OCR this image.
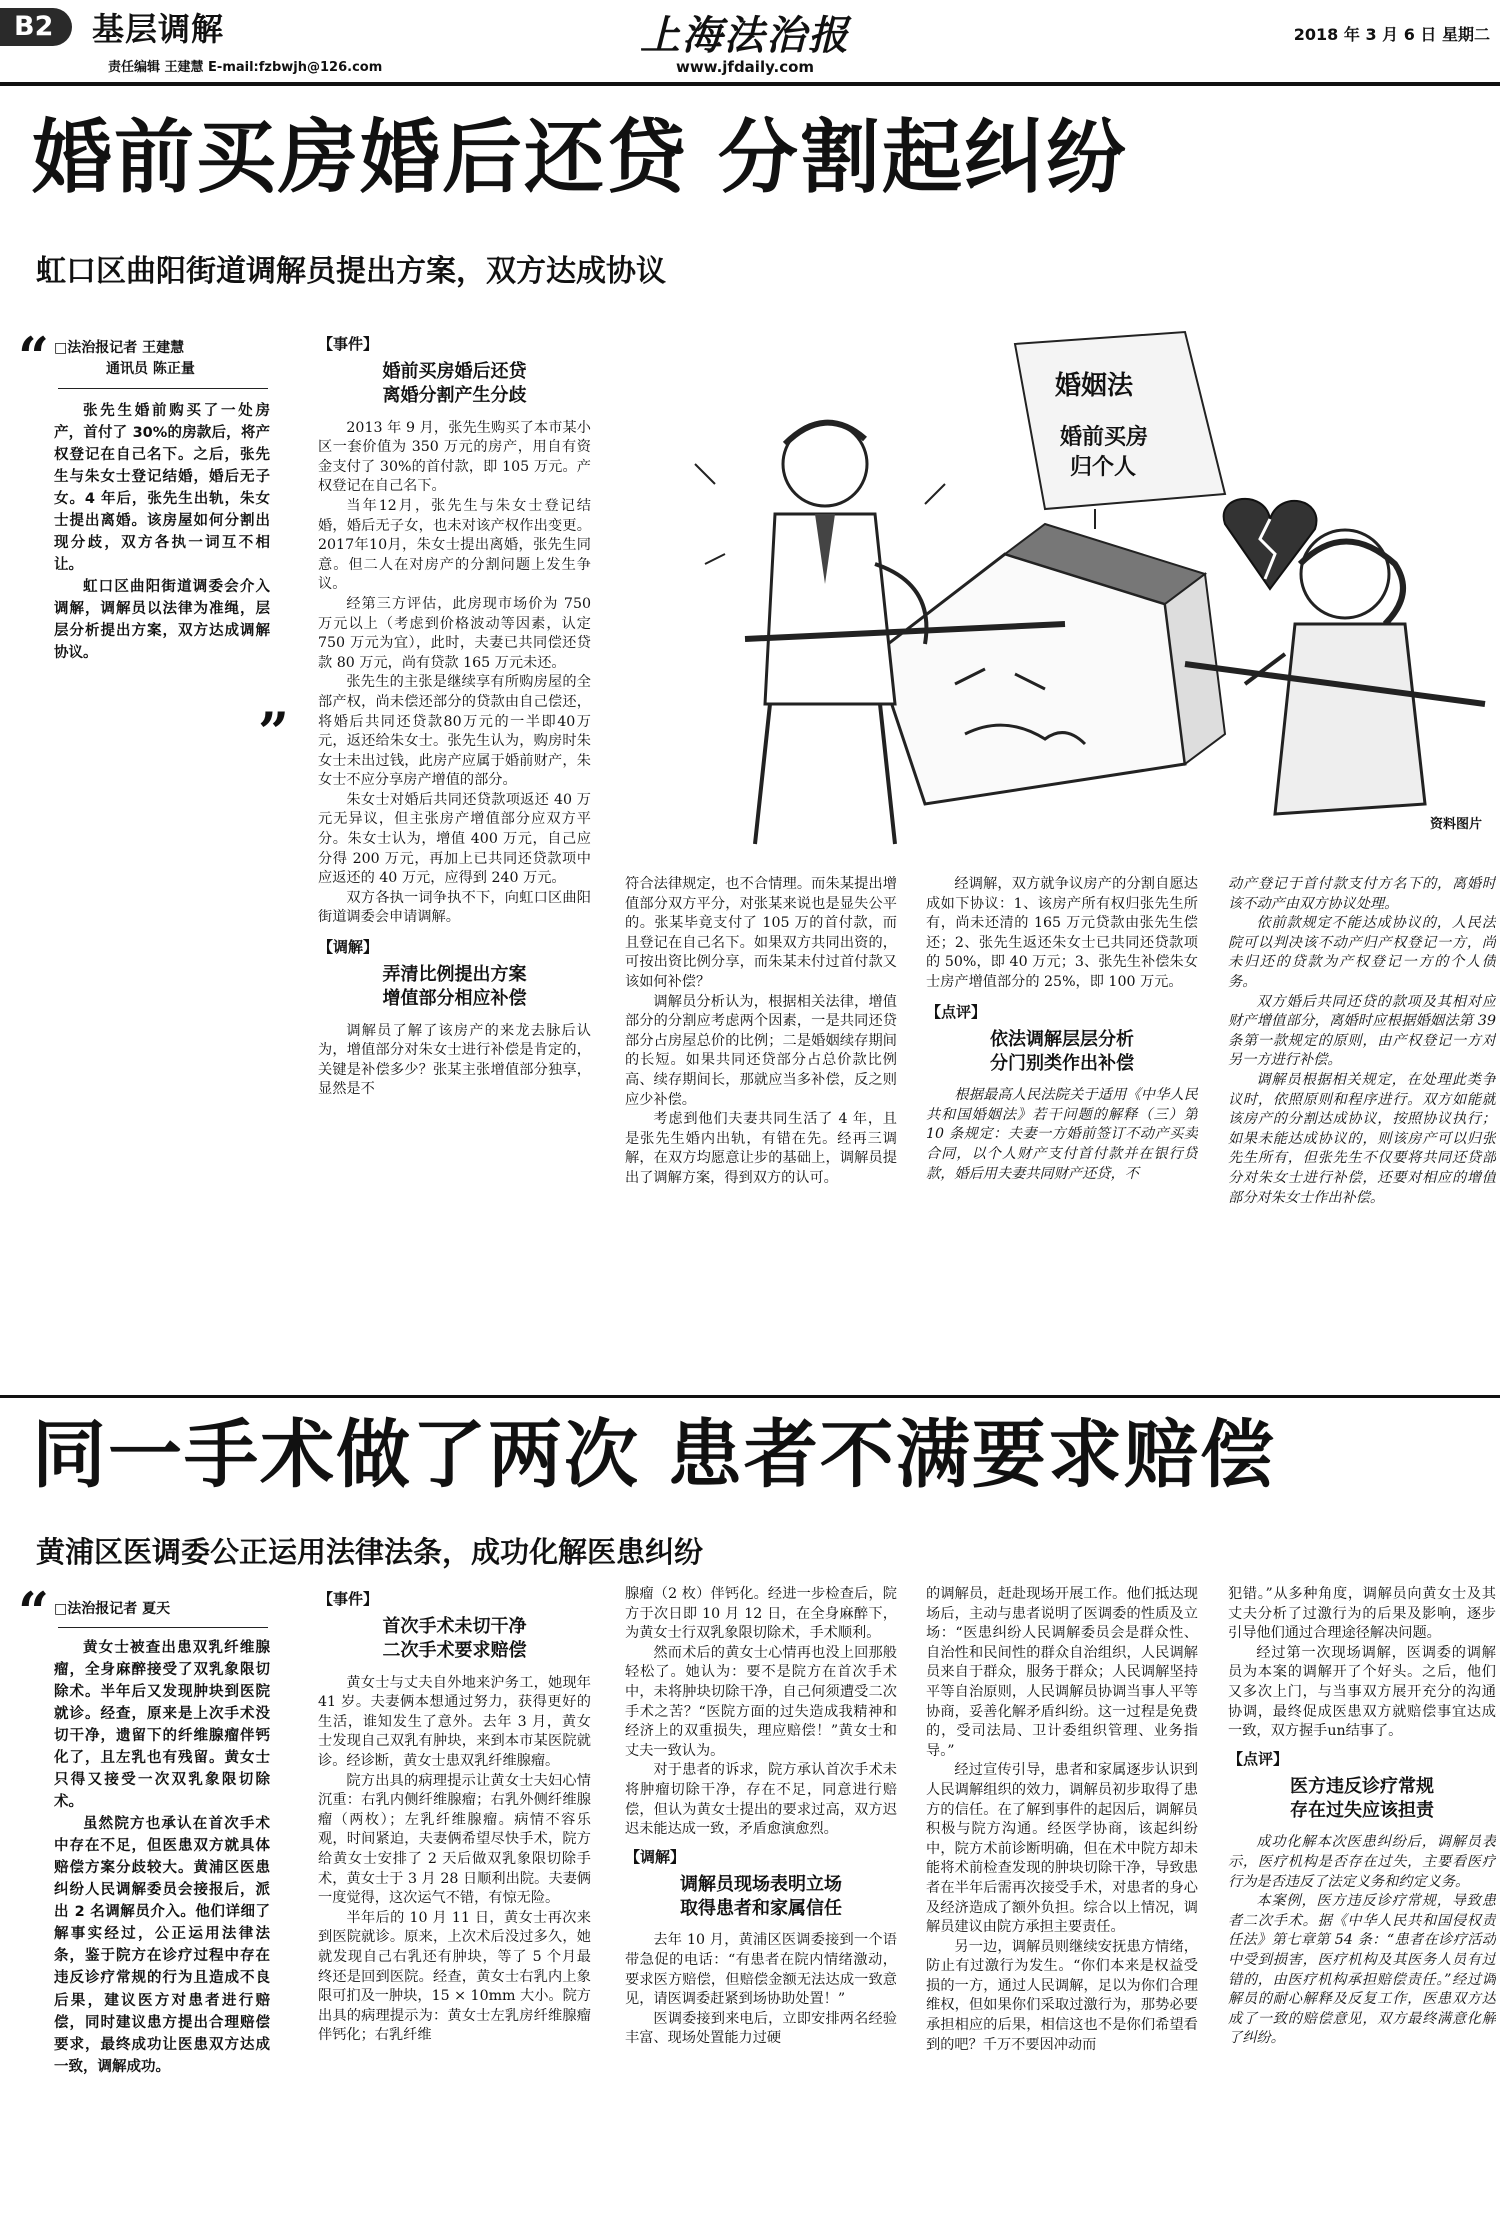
B2	基层调解
责任编辑 王建慧 E-mail:fzbwjh@126.com
上海法治报
www.jfdaily.com
2018 年 3 月 6 日 星期二
婚前买房婚后还贷 分割起纠纷
虹口区曲阳街道调解员提出方案，双方达成协议
“ □法治报记者 王建慧
通讯员 陈正量

张先生婚前购买了一处房产，首付了 30%的房款后，将产权登记在自己名下。之后，张先生与朱女士登记结婚，婚后无子女。4 年后，张先生出轨，朱女士提出离婚。该房屋如何分割出现分歧，双方各执一词互不相让。

虹口区曲阳街道调委会介入调解，调解员以法律为准绳，层层分析提出方案，双方达成调解协议。

”
【事件】
婚前买房婚后还贷
离婚分割产生分歧

2013 年 9 月，张先生购买了本市某小区一套价值为 350 万元的房产，用自有资金支付了 30%的首付款，即 105 万元。产权登记在自己名下。

当年12月，张先生与朱女士登记结婚，婚后无子女，也未对该产权作出变更。2017年10月，朱女士提出离婚，张先生同意。但二人在对房产的分割问题上发生争议。

经第三方评估，此房现市场价为 750 万元以上（考虑到价格波动等因素，认定 750 万元为宜），此时，夫妻已共同偿还贷款 80 万元，尚有贷款 165 万元未还。

张先生的主张是继续享有所购房屋的全部产权，尚未偿还部分的贷款由自己偿还，将婚后共同还贷款80万元的一半即40万元，返还给朱女士。张先生认为，购房时朱女士未出过钱，此房产应属于婚前财产，朱女士不应分享房产增值的部分。

朱女士对婚后共同还贷款项返还 40 万元无异议，但主张房产增值部分应双方平分。朱女士认为，增值 400 万元，自己应分得 200 万元，再加上已共同还贷款项中应返还的 40 万元，应得到 240 万元。

双方各执一词争执不下，向虹口区曲阳街道调委会申请调解。

【调解】
弄清比例提出方案
增值部分相应补偿

调解员了解了该房产的来龙去脉后认为，增值部分对朱女士进行补偿是肯定的，关键是补偿多少？张某主张增值部分独享，显然是不

婚姻法
婚前买房
归个人
资料图片

符合法律规定，也不合情理。而朱某提出增值部分双方平分，对张某来说也是显失公平的。张某毕竟支付了 105 万的首付款，而且登记在自己名下。如果双方共同出资的，可按出资比例分享，而朱某未付过首付款又该如何补偿？

调解员分析认为，根据相关法律，增值部分的分割应考虑两个因素，一是共同还贷部分占房屋总价的比例；二是婚姻续存期间的长短。如果共同还贷部分占总价款比例高、续存期间长，那就应当多补偿，反之则应少补偿。

考虑到他们夫妻共同生活了 4 年，且是张先生婚内出轨，有错在先。经再三调解，在双方均愿意让步的基础上，调解员提出了调解方案，得到双方的认可。

经调解，双方就争议房产的分割自愿达成如下协议：1、该房产所有权归张先生所有，尚未还清的 165 万元贷款由张先生偿还；2、张先生返还朱女士已共同还贷款项的 50%，即 40 万元；3、张先生补偿朱女士房产增值部分的 25%，即 100 万元。

【点评】
依法调解层层分析
分门别类作出补偿

根据最高人民法院关于适用《中华人民共和国婚姻法》若干问题的解释（三）第 10 条规定：夫妻一方婚前签订不动产买卖合同，以个人财产支付首付款并在银行贷款，婚后用夫妻共同财产还贷，不

动产登记于首付款支付方名下的，离婚时该不动产由双方协议处理。

依前款规定不能达成协议的，人民法院可以判决该不动产归产权登记一方，尚未归还的贷款为产权登记一方的个人债务。

双方婚后共同还贷的款项及其相对应财产增值部分，离婚时应根据婚姻法第 39 条第一款规定的原则，由产权登记一方对另一方进行补偿。

调解员根据相关规定，在处理此类争议时，依照原则和程序进行。双方如能就该房产的分割达成协议，按照协议执行；如果未能达成协议的，则该房产可以归张先生所有，但张先生不仅要将共同还贷部分对朱女士进行补偿，还要对相应的增值部分对朱女士作出补偿。

同一手术做了两次 患者不满要求赔偿
黄浦区医调委公正运用法律法条，成功化解医患纠纷
“ □法治报记者 夏天

黄女士被查出患双乳纤维腺瘤，全身麻醉接受了双乳象限切除术。半年后又发现肿块到医院就诊。经查，原来是上次手术没切干净，遗留下的纤维腺瘤伴钙化了，且左乳也有残留。黄女士只得又接受一次双乳象限切除术。

虽然院方也承认在首次手术中存在不足，但医患双方就具体赔偿方案分歧较大。黄浦区医患纠纷人民调解委员会接报后，派出 2 名调解员介入。他们详细了解事实经过，公正运用法律法条，鉴于院方在诊疗过程中存在违反诊疗常规的行为且造成不良后果，建议医方对患者进行赔偿，同时建议患方提出合理赔偿要求，最终成功让医患双方达成一致，调解成功。

【事件】
首次手术未切干净
二次手术要求赔偿

黄女士与丈夫自外地来沪务工，她现年 41 岁。夫妻俩本想通过努力，获得更好的生活，谁知发生了意外。去年 3 月，黄女士发现自己双乳有肿块，来到本市某医院就诊。经诊断，黄女士患双乳纤维腺瘤。

院方出具的病理提示让黄女士夫妇心情沉重：右乳内侧纤维腺瘤；右乳外侧纤维腺瘤（两枚）；左乳纤维腺瘤。病情不容乐观，时间紧迫，夫妻俩希望尽快手术，院方给黄女士安排了 2 天后做双乳象限切除手术，黄女士于 3 月 28 日顺利出院。夫妻俩一度觉得，这次运气不错，有惊无险。

半年后的 10 月 11 日，黄女士再次来到医院就诊。原来，上次术后没过多久，她就发现自己右乳还有肿块，等了 5 个月最终还是回到医院。经查，黄女士右乳内上象限可扪及一肿块，15 × 10mm 大小。院方出具的病理提示为：黄女士左乳房纤维腺瘤伴钙化；右乳纤维

腺瘤（2 枚）伴钙化。经进一步检查后，院方于次日即 10 月 12 日，在全身麻醉下，为黄女士行双乳象限切除术，手术顺利。

然而术后的黄女士心情再也没上回那般轻松了。她认为：要不是院方在首次手术中，未将肿块切除干净，自己何须遭受二次手术之苦？“医院方面的过失造成我精神和经济上的双重损失，理应赔偿！”黄女士和丈夫一致认为。

对于患者的诉求，院方承认首次手术未将肿瘤切除干净，存在不足，同意进行赔偿，但认为黄女士提出的要求过高，双方迟迟未能达成一致，矛盾愈演愈烈。

【调解】
调解员现场表明立场
取得患者和家属信任

去年 10 月，黄浦区医调委接到一个语带急促的电话：“有患者在院内情绪激动，要求医方赔偿，但赔偿金额无法达成一致意见，请医调委赶紧到场协助处置！”

医调委接到来电后，立即安排两名经验丰富、现场处置能力过硬

的调解员，赶赴现场开展工作。他们抵达现场后，主动与患者说明了医调委的性质及立场：“医患纠纷人民调解委员会是群众性、自治性和民间性的群众自治组织，人民调解员来自于群众，服务于群众；人民调解坚持平等自治原则，人民调解员协调当事人平等协商，妥善化解矛盾纠纷。这一过程是免费的，受司法局、卫计委组织管理、业务指导。”

经过宣传引导，患者和家属逐步认识到人民调解组织的效力，调解员初步取得了患方的信任。在了解到事件的起因后，调解员积极与院方沟通。经医学协商，该起纠纷中，院方术前诊断明确，但在术中院方却未能将术前检查发现的肿块切除干净，导致患者在半年后需再次接受手术，对患者的身心及经济造成了额外负担。综合以上情况，调解员建议由院方承担主要责任。

另一边，调解员则继续安抚患方情绪，防止有过激行为发生。“你们本来是权益受损的一方，通过人民调解，足以为你们合理维权，但如果你们采取过激行为，那势必要承担相应的后果，相信这也不是你们希望看到的吧？千万不要因冲动而

犯错。”从多种角度，调解员向黄女士及其丈夫分析了过激行为的后果及影响，逐步引导他们通过合理途径解决问题。

经过第一次现场调解，医调委的调解员为本案的调解开了个好头。之后，他们又多次上门，与当事双方展开充分的沟通协调，最终促成医患双方就赔偿事宜达成一致，双方握手un结事了。

【点评】
医方违反诊疗常规
存在过失应该担责

成功化解本次医患纠纷后，调解员表示，医疗机构是否存在过失，主要看医疗行为是否违反了法定义务和约定义务。

本案例，医方违反诊疗常规，导致患者二次手术。据《中华人民共和国侵权责任法》第七章第 54 条：“患者在诊疗活动中受到损害，医疗机构及其医务人员有过错的，由医疗机构承担赔偿责任。”经过调解员的耐心解释及反复工作，医患双方达成了一致的赔偿意见，双方最终满意化解了纠纷。
